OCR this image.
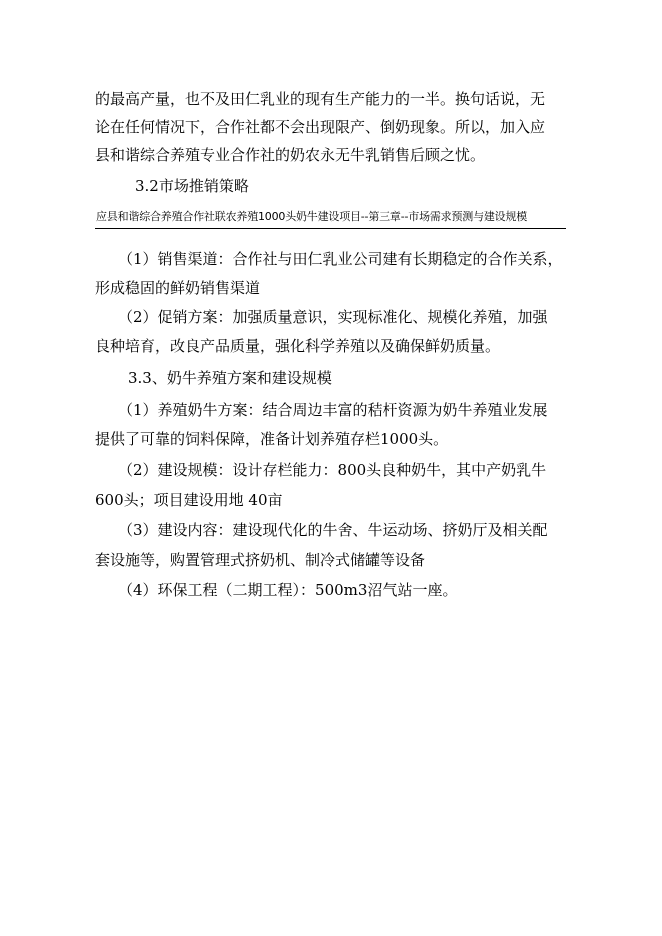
的最高产量，也不及田仁乳业的现有生产能力的一半。换句话说，无

论在任何情况下，合作社都不会出现限产、倒奶现象。所以，加入应

县和谐综合养殖专业合作社的奶农永无牛乳销售后顾之忧。

3.2市场推销策略

应县和谐综合养殖合作社联农养殖1000头奶牛建设项目--第三章--市场需求预测与建设规模

（1）销售渠道：合作社与田仁乳业公司建有长期稳定的合作关系，

形成稳固的鲜奶销售渠道

（2）促销方案：加强质量意识，实现标准化、规模化养殖，加强

良种培育，改良产品质量，强化科学养殖以及确保鲜奶质量。

3.3、奶牛养殖方案和建设规模

（1）养殖奶牛方案：结合周边丰富的秸杆资源为奶牛养殖业发展

提供了可靠的饲料保障，准备计划养殖存栏1000头。

（2）建设规模：设计存栏能力：800头良种奶牛，其中产奶乳牛

600头；项目建设用地 40亩

（3）建设内容：建设现代化的牛舍、牛运动场、挤奶厅及相关配

套设施等，购置管理式挤奶机、制冷式储罐等设备

（4）环保工程（二期工程）：500m3沼气站一座。
